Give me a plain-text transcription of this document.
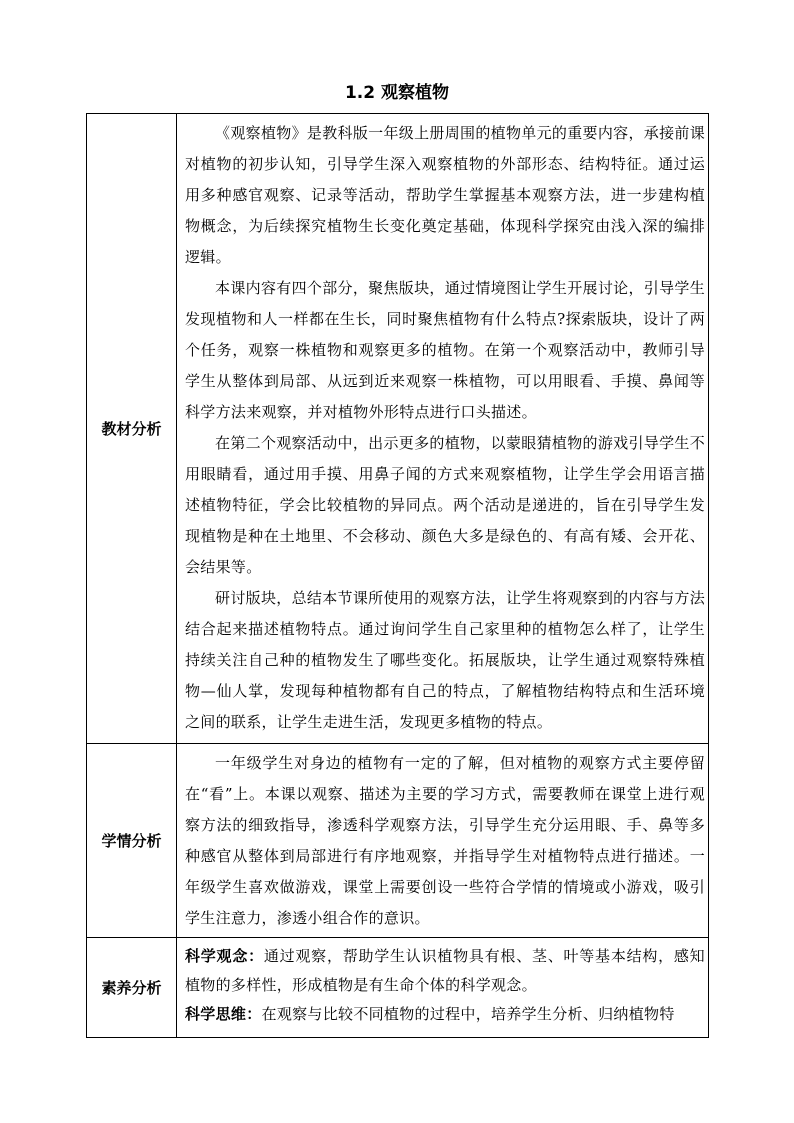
1.2 观察植物
教材分析	《观察植物》是教科版一年级上册周围的植物单元的重要内容，承接前课对植物的初步认知，引导学生深入观察植物的外部形态、结构特征。通过运用多种感官观察、记录等活动，帮助学生掌握基本观察方法，进一步建构植物概念，为后续探究植物生长变化奠定基础，体现科学探究由浅入深的编排逻辑。

本课内容有四个部分，聚焦版块，通过情境图让学生开展讨论，引导学生发现植物和人一样都在生长，同时聚焦植物有什么特点?探索版块，设计了两个任务，观察一株植物和观察更多的植物。在第一个观察活动中，教师引导学生从整体到局部、从远到近来观察一株植物，可以用眼看、手摸、鼻闻等科学方法来观察，并对植物外形特点进行口头描述。

在第二个观察活动中，出示更多的植物，以蒙眼猜植物的游戏引导学生不用眼睛看，通过用手摸、用鼻子闻的方式来观察植物，让学生学会用语言描述植物特征，学会比较植物的异同点。两个活动是递进的，旨在引导学生发现植物是种在土地里、不会移动、颜色大多是绿色的、有高有矮、会开花、会结果等。

研讨版块，总结本节课所使用的观察方法，让学生将观察到的内容与方法结合起来描述植物特点。通过询问学生自己家里种的植物怎么样了，让学生持续关注自己种的植物发生了哪些变化。拓展版块，让学生通过观察特殊植物—仙人掌，发现每种植物都有自己的特点，了解植物结构特点和生活环境之间的联系，让学生走进生活，发现更多植物的特点。

学情分析	一年级学生对身边的植物有一定的了解，但对植物的观察方式主要停留在“看”上。本课以观察、描述为主要的学习方式，需要教师在课堂上进行观察方法的细致指导，渗透科学观察方法，引导学生充分运用眼、手、鼻等多种感官从整体到局部进行有序地观察，并指导学生对植物特点进行描述。一年级学生喜欢做游戏，课堂上需要创设一些符合学情的情境或小游戏，吸引学生注意力，渗透小组合作的意识。

素养分析	科学观念：通过观察，帮助学生认识植物具有根、茎、叶等基本结构，感知植物的多样性，形成植物是有生命个体的科学观念。

科学思维：在观察与比较不同植物的过程中，培养学生分析、归纳植物特
